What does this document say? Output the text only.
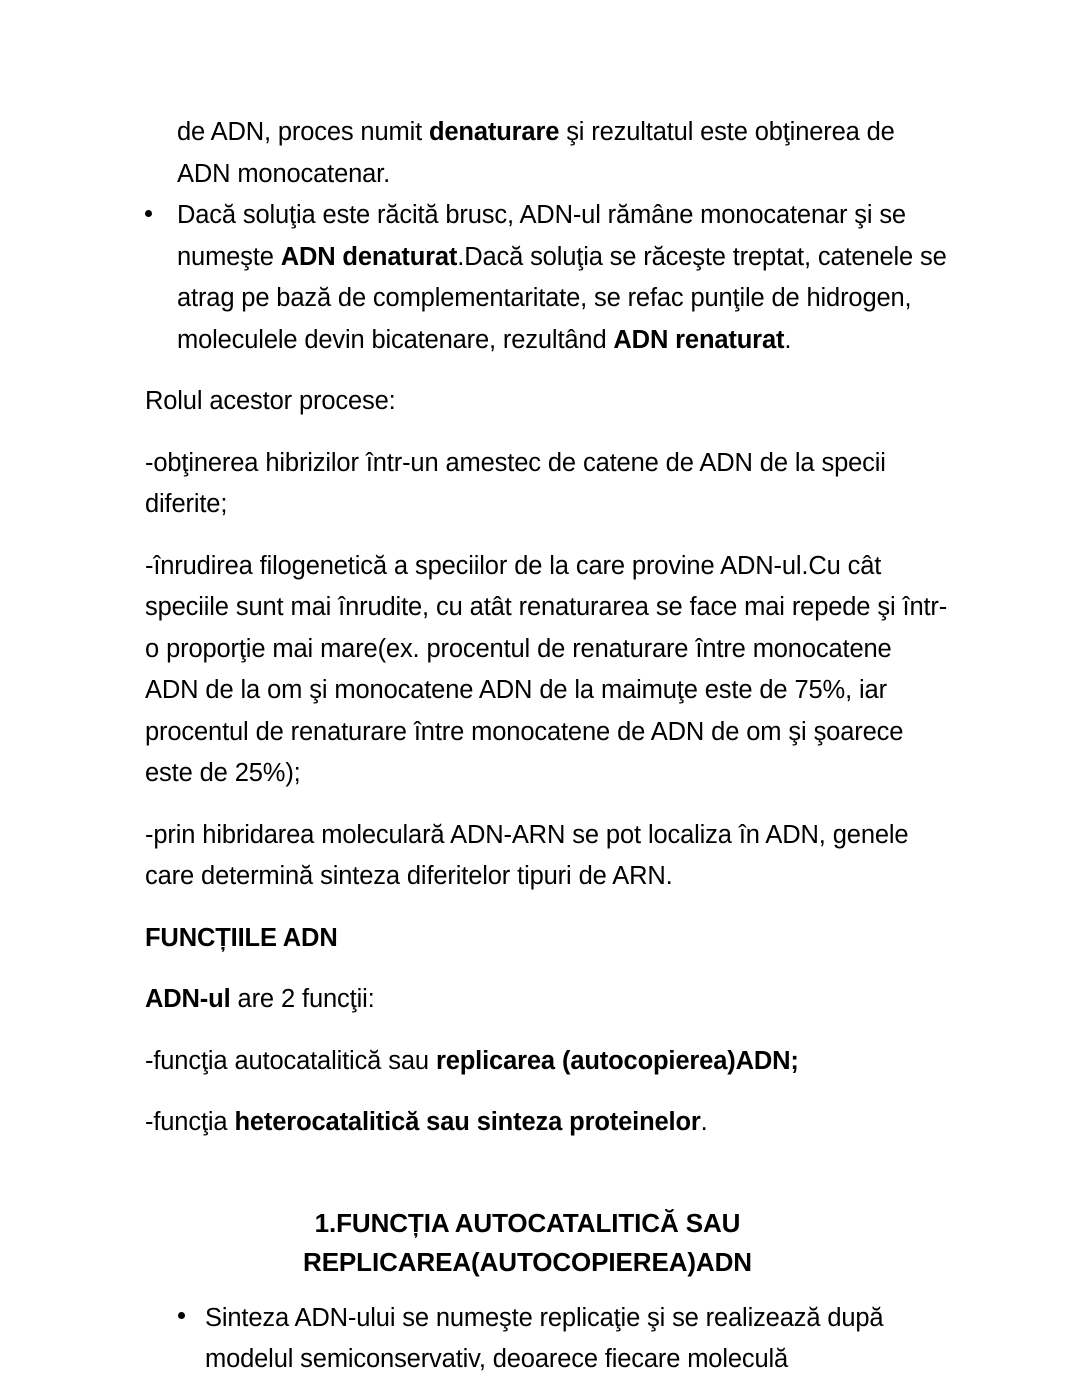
de ADN, proces numit denaturare şi rezultatul este obţinerea de ADN monocatenar.
Dacă soluţia este răcită brusc, ADN-ul rămâne monocatenar şi se numeşte ADN denaturat.Dacă soluţia se răceşte treptat, catenele se atrag pe bază de complementaritate, se refac punţile de hidrogen, moleculele devin bicatenare, rezultând ADN renaturat.

Rolul acestor procese:

-obţinerea hibrizilor într-un amestec de catene de ADN de la specii diferite;

-înrudirea filogenetică a speciilor de la care provine ADN-ul.Cu cât speciile sunt mai înrudite, cu atât renaturarea se face mai repede şi într-o proporţie mai mare(ex. procentul de renaturare între monocatene ADN de la om şi monocatene ADN de la maimuţe este de 75%, iar procentul de renaturare între monocatene de ADN de om şi şoarece este de 25%);

-prin hibridarea moleculară ADN-ARN se pot localiza în ADN, genele care determină sinteza diferitelor tipuri de ARN.

FUNCȚIILE ADN

ADN-ul are 2 funcţii:

-funcţia autocatalitică sau replicarea (autocopierea)ADN;

-funcţia heterocatalitică sau sinteza proteinelor.

1.FUNCȚIA AUTOCATALITICĂ SAU
REPLICAREA(AUTOCOPIEREA)ADN
Sinteza ADN-ului se numeşte replicaţie şi se realizează după modelul semiconservativ, deoarece fiecare moleculă
